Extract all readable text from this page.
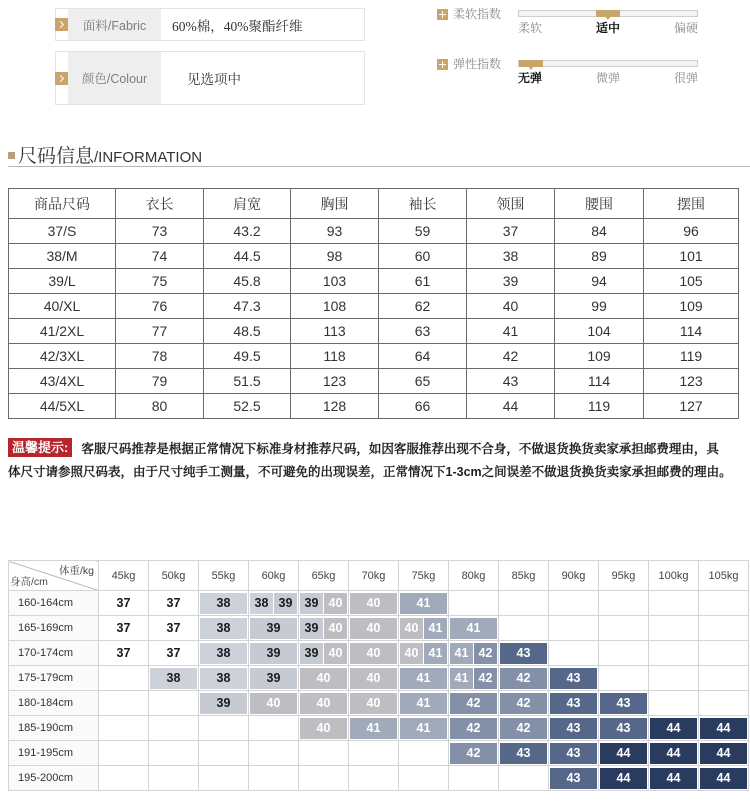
面料/Fabric	60%棉，40%聚酯纤维
颜色/Colour	见选项中
柔软指数
柔软	适中	偏硬
弹性指数
无弹	微弹	很弹
尺码信息/INFORMATION
商品尺码	衣长	肩宽	胸围	袖长	领围	腰围	摆围
37/S	73	43.2	93	59	37	84	96
38/M	74	44.5	98	60	38	89	101
39/L	75	45.8	103	61	39	94	105
40/XL	76	47.3	108	62	40	99	109
41/2XL	77	48.5	113	63	41	104	114
42/3XL	78	49.5	118	64	42	109	119
43/4XL	79	51.5	123	65	43	114	123
44/5XL	80	52.5	128	66	44	119	127
温馨提示: 客服尺码推荐是根据正常情况下标准身材推荐尺码，如因客服推荐出现不合身，不做退货换货卖家承担邮费理由，具
体尺寸请参照尺码表，由于尺寸纯手工测量，不可避免的出现误差，正常情况下1-3cm之间误差不做退货换货卖家承担邮费的理由。
体重/kg
身高/cm	45kg	50kg	55kg	60kg	65kg	70kg	75kg	80kg	85kg	90kg	95kg	100kg	105kg
160-164cm	37	37	38	38 39	39 40	40	41						

165-169cm	37	37	38	39	39 40	40	40 41	41					

170-174cm	37	37	38	39	39 40	40	40 41	41 42	43				

175-179cm		38	38	39	40	40	41	41 42	42	43			

180-184cm			39	40	40	40	41	42	42	43	43		

185-190cm					40	41	41	42	42	43	43	44	44

191-195cm								42	43	43	44	44	44

195-200cm										43	44	44	44
